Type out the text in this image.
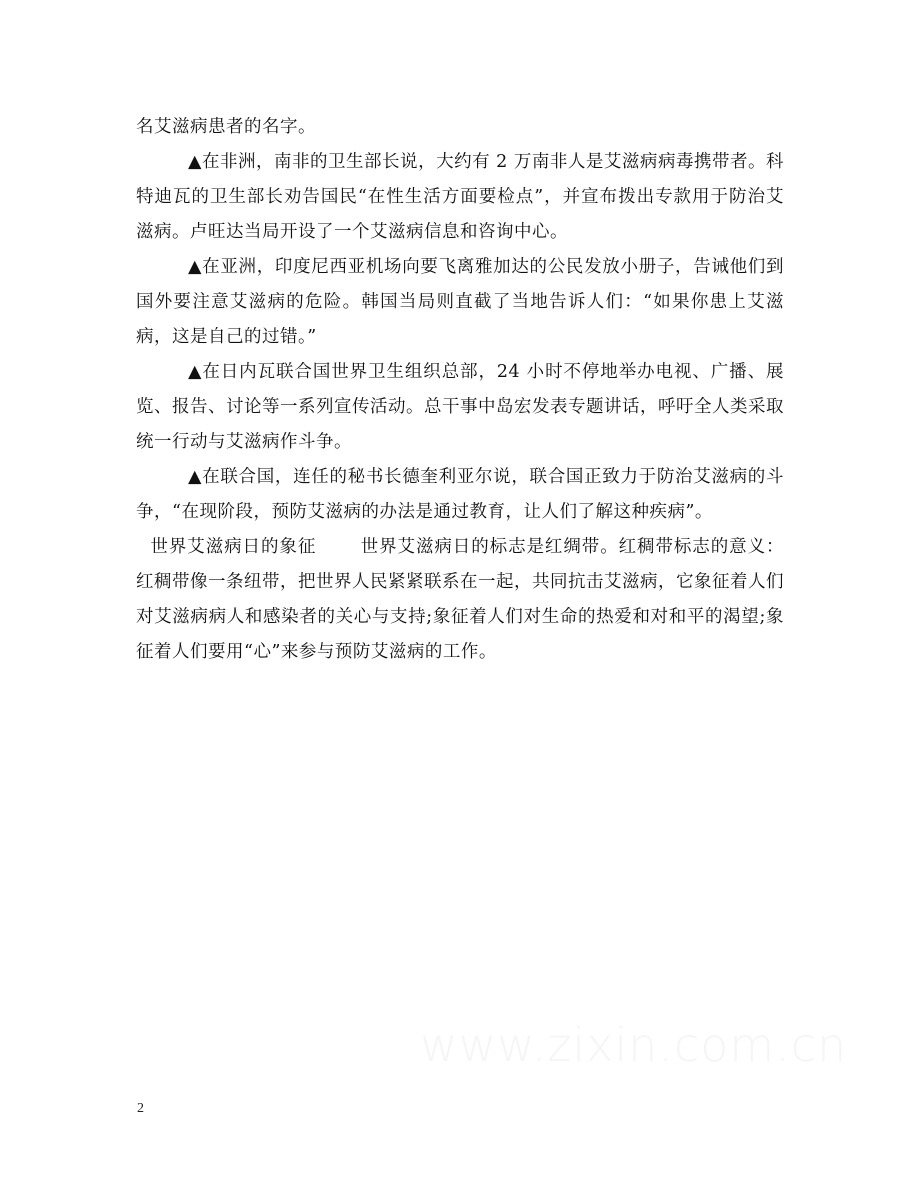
名艾滋病患者的名字。

▲在非洲，南非的卫生部长说，大约有 2 万南非人是艾滋病病毒携带者。科特迪瓦的卫生部长劝告国民“在性生活方面要检点”，并宣布拨出专款用于防治艾滋病。卢旺达当局开设了一个艾滋病信息和咨询中心。

▲在亚洲，印度尼西亚机场向要飞离雅加达的公民发放小册子，告诫他们到国外要注意艾滋病的危险。韩国当局则直截了当地告诉人们：“如果你患上艾滋病，这是自己的过错。”

▲在日内瓦联合国世界卫生组织总部，24 小时不停地举办电视、广播、展览、报告、讨论等一系列宣传活动。总干事中岛宏发表专题讲话，呼吁全人类采取统一行动与艾滋病作斗争。

▲在联合国，连任的秘书长德奎利亚尔说，联合国正致力于防治艾滋病的斗争，“在现阶段，预防艾滋病的办法是通过教育，让人们了解这种疾病”。

世界艾滋病日的象征	世界艾滋病日的标志是红绸带。红稠带标志的意义：红稠带像一条纽带，把世界人民紧紧联系在一起，共同抗击艾滋病，它象征着人们对艾滋病病人和感染者的关心与支持;象征着人们对生命的热爱和对和平的渴望;象征着人们要用“心”来参与预防艾滋病的工作。

www.zixin.com.cn
2
